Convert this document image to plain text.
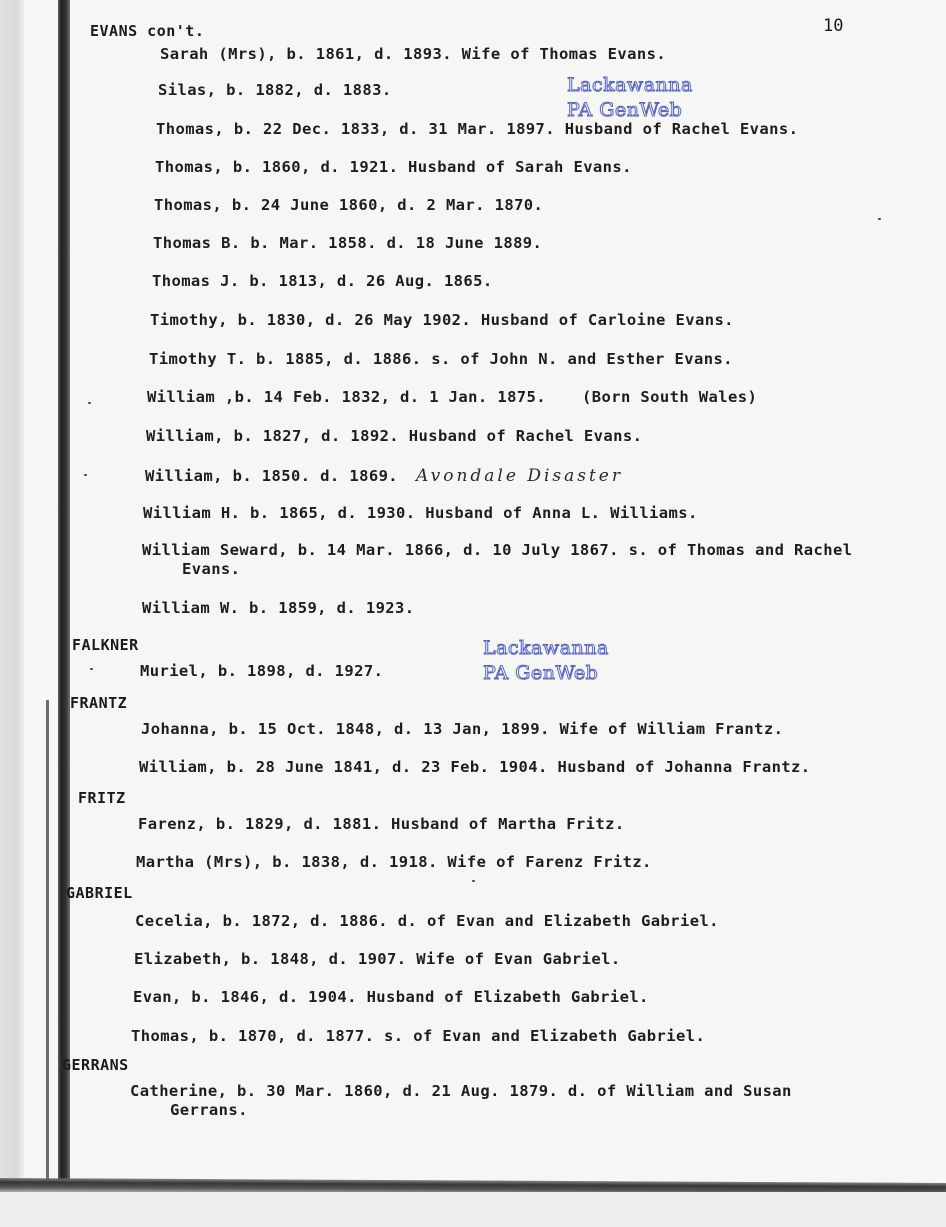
10
EVANS con't.
Sarah (Mrs), b. 1861, d. 1893. Wife of Thomas Evans.
Silas, b. 1882, d. 1883.
Thomas, b. 22 Dec. 1833, d. 31 Mar. 1897. Husband of Rachel Evans.
Thomas, b. 1860, d. 1921. Husband of Sarah Evans.
Thomas, b. 24 June 1860, d. 2 Mar. 1870.
Thomas B. b. Mar. 1858. d. 18 June 1889.
Thomas J. b. 1813, d. 26 Aug. 1865.
Timothy, b. 1830, d. 26 May 1902. Husband of Carloine Evans.
Timothy T. b. 1885, d. 1886. s. of John N. and Esther Evans.
William ,b. 14 Feb. 1832, d. 1 Jan. 1875. (Born South Wales)
William, b. 1827, d. 1892. Husband of Rachel Evans.
William, b. 1850. d. 1869. Avondale Disaster
William H. b. 1865, d. 1930. Husband of Anna L. Williams.
William Seward, b. 14 Mar. 1866, d. 10 July 1867. s. of Thomas and Rachel
Evans.
William W. b. 1859, d. 1923.
FALKNER
Muriel, b. 1898, d. 1927.
FRANTZ
Johanna, b. 15 Oct. 1848, d. 13 Jan, 1899. Wife of William Frantz.
William, b. 28 June 1841, d. 23 Feb. 1904. Husband of Johanna Frantz.
FRITZ
Farenz, b. 1829, d. 1881. Husband of Martha Fritz.
Martha (Mrs), b. 1838, d. 1918. Wife of Farenz Fritz.
GABRIEL
Cecelia, b. 1872, d. 1886. d. of Evan and Elizabeth Gabriel.
Elizabeth, b. 1848, d. 1907. Wife of Evan Gabriel.
Evan, b. 1846, d. 1904. Husband of Elizabeth Gabriel.
Thomas, b. 1870, d. 1877. s. of Evan and Elizabeth Gabriel.
GERRANS
Catherine, b. 30 Mar. 1860, d. 21 Aug. 1879. d. of William and Susan
Gerrans.
Lackawanna
PA GenWeb
Lackawanna
PA GenWeb
